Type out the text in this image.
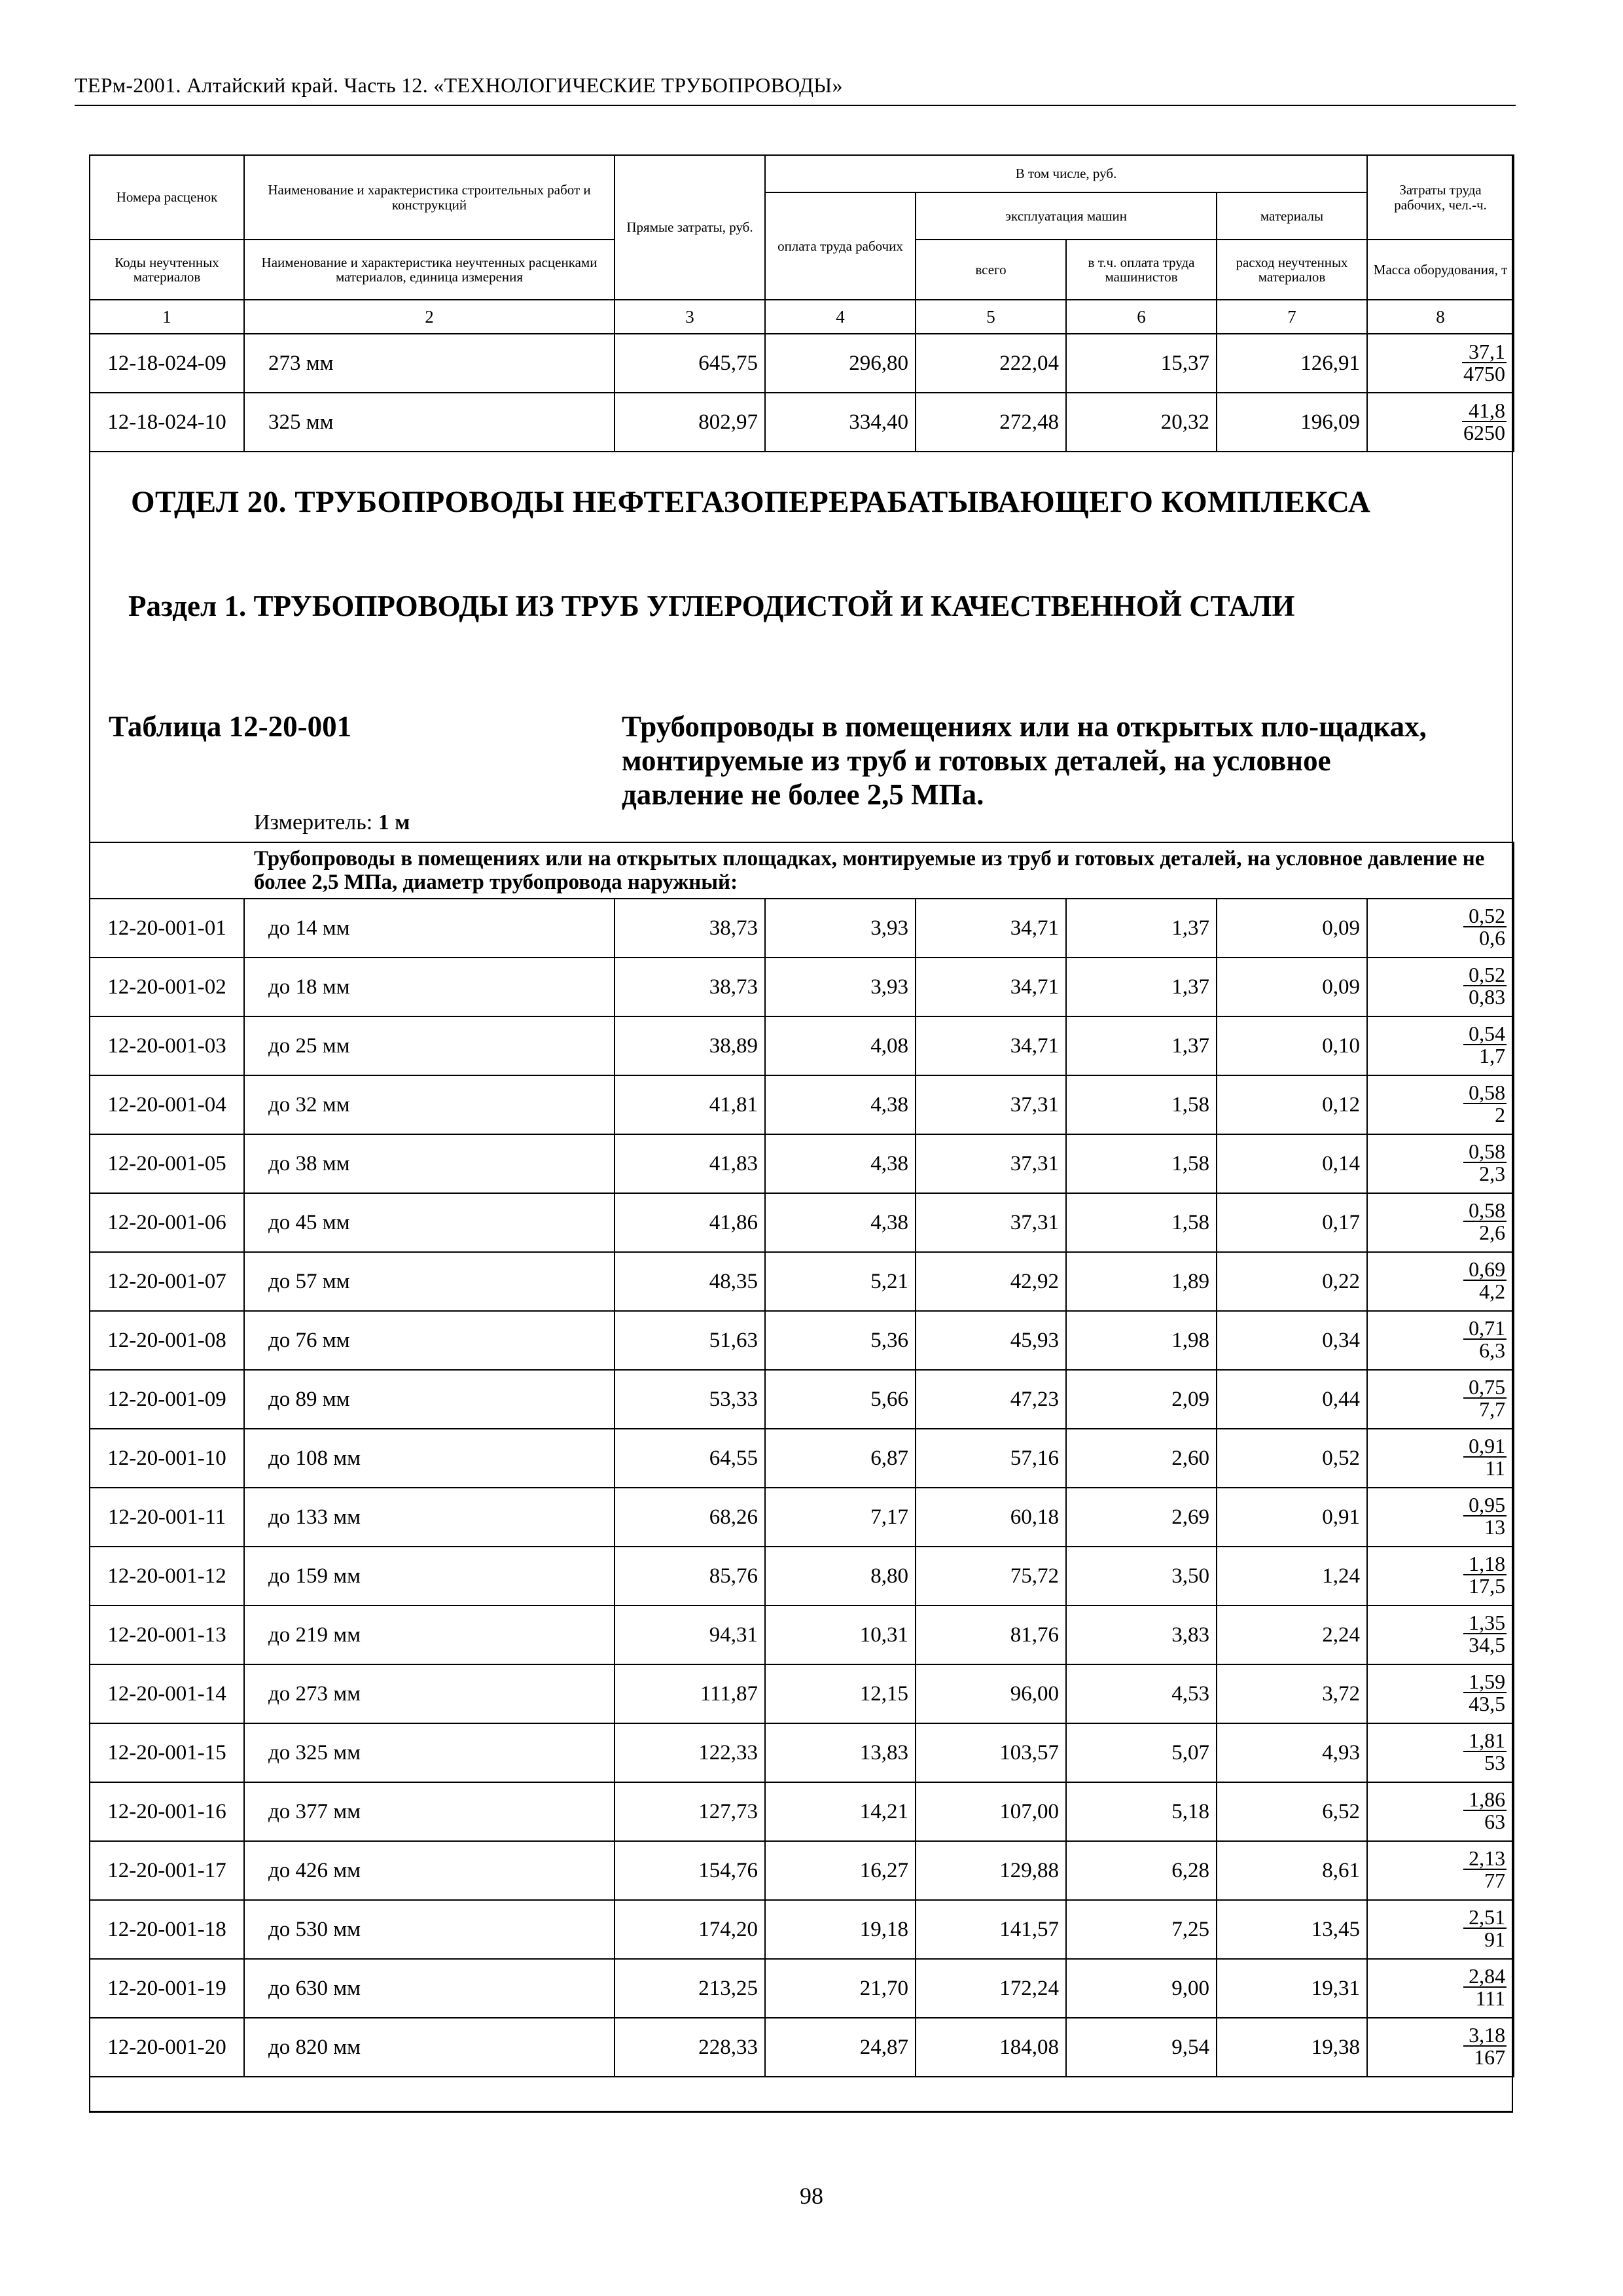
ТЕРм-2001. Алтайский край. Часть 12. «ТЕХНОЛОГИЧЕСКИЕ ТРУБОПРОВОДЫ»
Номера расценок	Наименование и характеристика строительных работ и конструкций	Прямые затраты, руб.	В том числе, руб.				Затраты труда рабочих, чел.-ч.
			оплата труда рабочих	эксплуатация машин		материалы	
Коды неучтенных материалов	Наименование и характеристика неучтенных расценками материалов, единица измерения			всего	в т.ч. оплата труда машинистов	расход неучтенных материалов	Масса оборудования, т
1	2	3	4	5	6	7	8
12-18-024-09	273 мм	645,75	296,80	222,04	15,37	126,91	$\frac{37,1}{4750}$

12-18-024-10	325 мм	802,97	334,40	272,48	20,32	196,09	$\frac{41,8}{6250}$
ОТДЕЛ 20. ТРУБОПРОВОДЫ НЕФТЕГАЗОПЕРЕРАБАТЫВАЮЩЕГО КОМПЛЕКСА
Раздел 1. ТРУБОПРОВОДЫ ИЗ ТРУБ УГЛЕРОДИСТОЙ И КАЧЕСТВЕННОЙ СТАЛИ
Таблица 12-20-001	Трубопроводы в помещениях или на открытых пло-щадках, монтируемые из труб и готовых деталей, на условное давление не более 2,5 МПа.
Измеритель: 1 м
Трубопроводы в помещениях или на открытых площадках, монтируемые из труб и готовых деталей, на условное давление не более 2,5 МПа, диаметр трубопровода наружный:							
12-20-001-01	до 14 мм	38,73	3,93	34,71	1,37	0,09	$\frac{0,52}{0,6}$

12-20-001-02	до 18 мм	38,73	3,93	34,71	1,37	0,09	$\frac{0,52}{0,83}$

12-20-001-03	до 25 мм	38,89	4,08	34,71	1,37	0,10	$\frac{0,54}{1,7}$

12-20-001-04	до 32 мм	41,81	4,38	37,31	1,58	0,12	$\frac{0,58}{2}$

12-20-001-05	до 38 мм	41,83	4,38	37,31	1,58	0,14	$\frac{0,58}{2,3}$

12-20-001-06	до 45 мм	41,86	4,38	37,31	1,58	0,17	$\frac{0,58}{2,6}$

12-20-001-07	до 57 мм	48,35	5,21	42,92	1,89	0,22	$\frac{0,69}{4,2}$

12-20-001-08	до 76 мм	51,63	5,36	45,93	1,98	0,34	$\frac{0,71}{6,3}$

12-20-001-09	до 89 мм	53,33	5,66	47,23	2,09	0,44	$\frac{0,75}{7,7}$

12-20-001-10	до 108 мм	64,55	6,87	57,16	2,60	0,52	$\frac{0,91}{11}$

12-20-001-11	до 133 мм	68,26	7,17	60,18	2,69	0,91	$\frac{0,95}{13}$

12-20-001-12	до 159 мм	85,76	8,80	75,72	3,50	1,24	$\frac{1,18}{17,5}$

12-20-001-13	до 219 мм	94,31	10,31	81,76	3,83	2,24	$\frac{1,35}{34,5}$

12-20-001-14	до 273 мм	111,87	12,15	96,00	4,53	3,72	$\frac{1,59}{43,5}$

12-20-001-15	до 325 мм	122,33	13,83	103,57	5,07	4,93	$\frac{1,81}{53}$

12-20-001-16	до 377 мм	127,73	14,21	107,00	5,18	6,52	$\frac{1,86}{63}$

12-20-001-17	до 426 мм	154,76	16,27	129,88	6,28	8,61	$\frac{2,13}{77}$

12-20-001-18	до 530 мм	174,20	19,18	141,57	7,25	13,45	$\frac{2,51}{91}$

12-20-001-19	до 630 мм	213,25	21,70	172,24	9,00	19,31	$\frac{2,84}{111}$

12-20-001-20	до 820 мм	228,33	24,87	184,08	9,54	19,38	$\frac{3,18}{167}$
98
